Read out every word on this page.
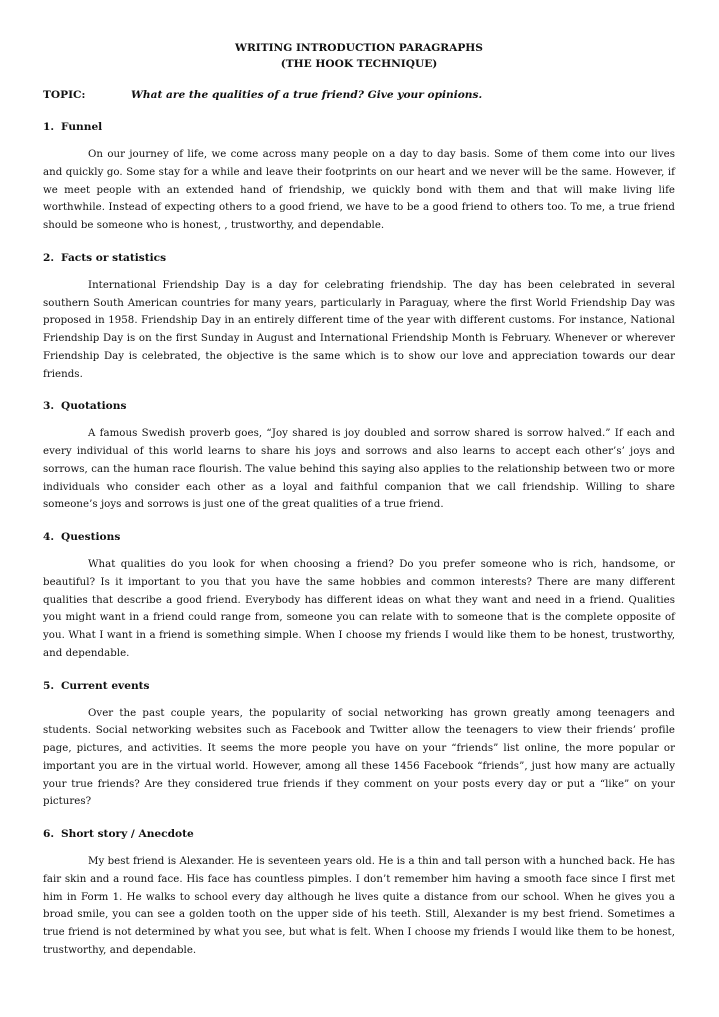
WRITING INTRODUCTION PARAGRAPHS
(THE HOOK TECHNIQUE)
TOPIC:	What are the qualities of a true friend? Give your opinions.
1. Funnel
On our journey of life, we come across many people on a day to day basis. Some of them come into our lives and quickly go. Some stay for a while and leave their footprints on our heart and we never will be the same. However, if we meet people with an extended hand of friendship, we quickly bond with them and that will make living life worthwhile. Instead of expecting others to a good friend, we have to be a good friend to others too. To me, a true friend should be someone who is honest, , trustworthy, and dependable.
2. Facts or statistics
International Friendship Day is a day for celebrating friendship. The day has been celebrated in several southern South American countries for many years, particularly in Paraguay, where the first World Friendship Day was proposed in 1958. Friendship Day in an entirely different time of the year with different customs. For instance, National Friendship Day is on the first Sunday in August and International Friendship Month is February. Whenever or wherever Friendship Day is celebrated, the objective is the same which is to show our love and appreciation towards our dear friends.
3. Quotations
A famous Swedish proverb goes, “Joy shared is joy doubled and sorrow shared is sorrow halved.” If each and every individual of this world learns to share his joys and sorrows and also learns to accept each other’s’ joys and sorrows, can the human race flourish. The value behind this saying also applies to the relationship between two or more individuals who consider each other as a loyal and faithful companion that we call friendship. Willing to share someone’s joys and sorrows is just one of the great qualities of a true friend.
4. Questions
What qualities do you look for when choosing a friend? Do you prefer someone who is rich, handsome, or beautiful? Is it important to you that you have the same hobbies and common interests? There are many different qualities that describe a good friend. Everybody has different ideas on what they want and need in a friend. Qualities you might want in a friend could range from, someone you can relate with to someone that is the complete opposite of you. What I want in a friend is something simple. When I choose my friends I would like them to be honest, trustworthy, and dependable.
5. Current events
Over the past couple years, the popularity of social networking has grown greatly among teenagers and students. Social networking websites such as Facebook and Twitter allow the teenagers to view their friends’ profile page, pictures, and activities. It seems the more people you have on your “friends” list online, the more popular or important you are in the virtual world. However, among all these 1456 Facebook “friends”, just how many are actually your true friends? Are they considered true friends if they comment on your posts every day or put a “like” on your pictures?
6. Short story / Anecdote
My best friend is Alexander. He is seventeen years old. He is a thin and tall person with a hunched back. He has fair skin and a round face. His face has countless pimples. I don’t remember him having a smooth face since I first met him in Form 1. He walks to school every day although he lives quite a distance from our school. When he gives you a broad smile, you can see a golden tooth on the upper side of his teeth. Still, Alexander is my best friend. Sometimes a true friend is not determined by what you see, but what is felt. When I choose my friends I would like them to be honest, trustworthy, and dependable.
